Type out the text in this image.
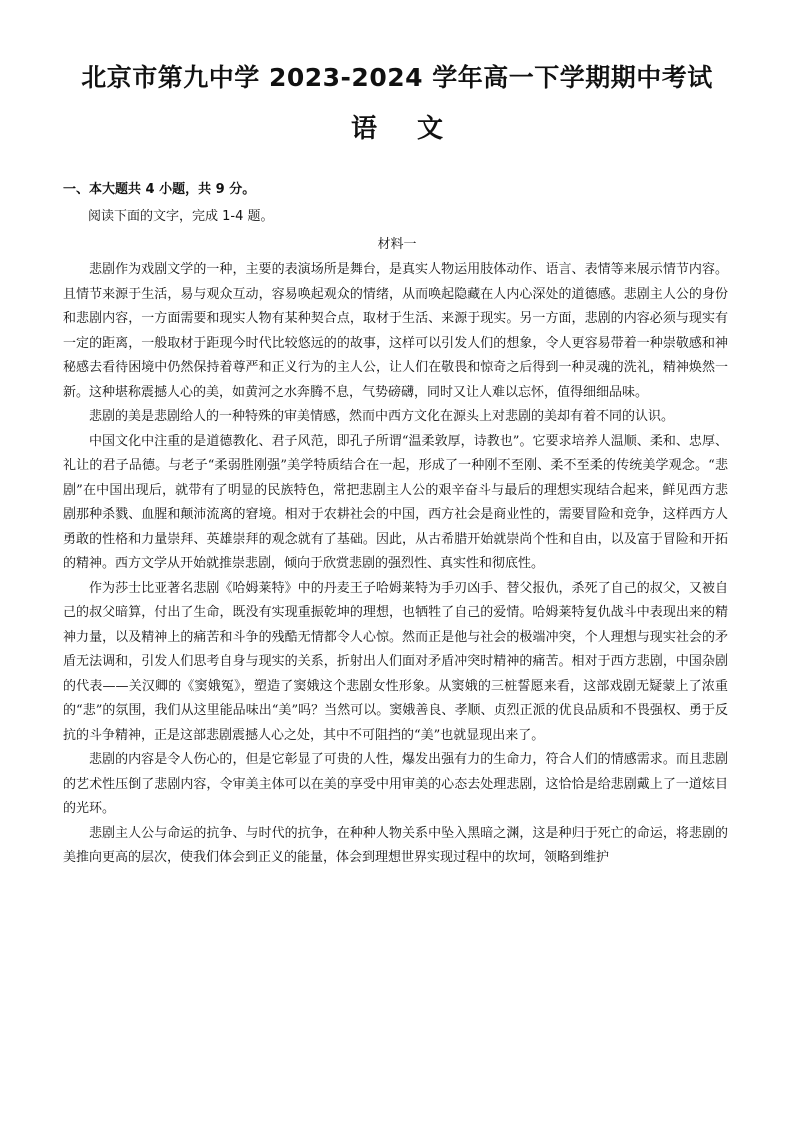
北京市第九中学 2023-2024 学年高一下学期期中考试
语文
一、本大题共 4 小题，共 9 分。
阅读下面的文字，完成 1-4 题。
材料一

悲剧作为戏剧文学的一种，主要的表演场所是舞台，是真实人物运用肢体动作、语言、表情等来展示情节内容。且情节来源于生活，易与观众互动，容易唤起观众的情绪，从而唤起隐藏在人内心深处的道德感。悲剧主人公的身份和悲剧内容，一方面需要和现实人物有某种契合点，取材于生活、来源于现实。另一方面，悲剧的内容必须与现实有一定的距离，一般取材于距现今时代比较悠远的的故事，这样可以引发人们的想象，令人更容易带着一种崇敬感和神秘感去看待困境中仍然保持着尊严和正义行为的主人公，让人们在敬畏和惊奇之后得到一种灵魂的洗礼，精神焕然一新。这种堪称震撼人心的美，如黄河之水奔腾不息，气势磅礴，同时又让人难以忘怀，值得细细品味。

悲剧的美是悲剧给人的一种特殊的审美情感，然而中西方文化在源头上对悲剧的美却有着不同的认识。

中国文化中注重的是道德教化、君子风范，即孔子所谓“温柔敦厚，诗教也”。它要求培养人温顺、柔和、忠厚、礼让的君子品德。与老子“柔弱胜刚强”美学特质结合在一起，形成了一种刚不至刚、柔不至柔的传统美学观念。“悲剧”在中国出现后，就带有了明显的民族特色，常把悲剧主人公的艰辛奋斗与最后的理想实现结合起来，鲜见西方悲剧那种杀戮、血腥和颠沛流离的窘境。相对于农耕社会的中国，西方社会是商业性的，需要冒险和竞争，这样西方人勇敢的性格和力量崇拜、英雄崇拜的观念就有了基础。因此，从古希腊开始就崇尚个性和自由，以及富于冒险和开拓的精神。西方文学从开始就推崇悲剧，倾向于欣赏悲剧的强烈性、真实性和彻底性。

作为莎士比亚著名悲剧《哈姆莱特》中的丹麦王子哈姆莱特为手刃凶手、替父报仇，杀死了自己的叔父，又被自己的叔父暗算，付出了生命，既没有实现重振乾坤的理想，也牺牲了自己的爱情。哈姆莱特复仇战斗中表现出来的精神力量，以及精神上的痛苦和斗争的残酷无情都令人心惊。然而正是他与社会的极端冲突，个人理想与现实社会的矛盾无法调和，引发人们思考自身与现实的关系，折射出人们面对矛盾冲突时精神的痛苦。相对于西方悲剧，中国杂剧的代表——关汉卿的《窦娥冤》，塑造了窦娥这个悲剧女性形象。从窦娥的三桩誓愿来看，这部戏剧无疑蒙上了浓重的“悲”的氛围，我们从这里能品味出“美”吗？当然可以。窦娥善良、孝顺、贞烈正派的优良品质和不畏强权、勇于反抗的斗争精神，正是这部悲剧震撼人心之处，其中不可阻挡的“美”也就显现出来了。

悲剧的内容是令人伤心的，但是它彰显了可贵的人性，爆发出强有力的生命力，符合人们的情感需求。而且悲剧的艺术性压倒了悲剧内容，令审美主体可以在美的享受中用审美的心态去处理悲剧，这恰恰是给悲剧戴上了一道炫目的光环。

悲剧主人公与命运的抗争、与时代的抗争，在种种人物关系中坠入黑暗之渊，这是种归于死亡的命运，将悲剧的美推向更高的层次，使我们体会到正义的能量，体会到理想世界实现过程中的坎坷，领略到维护
